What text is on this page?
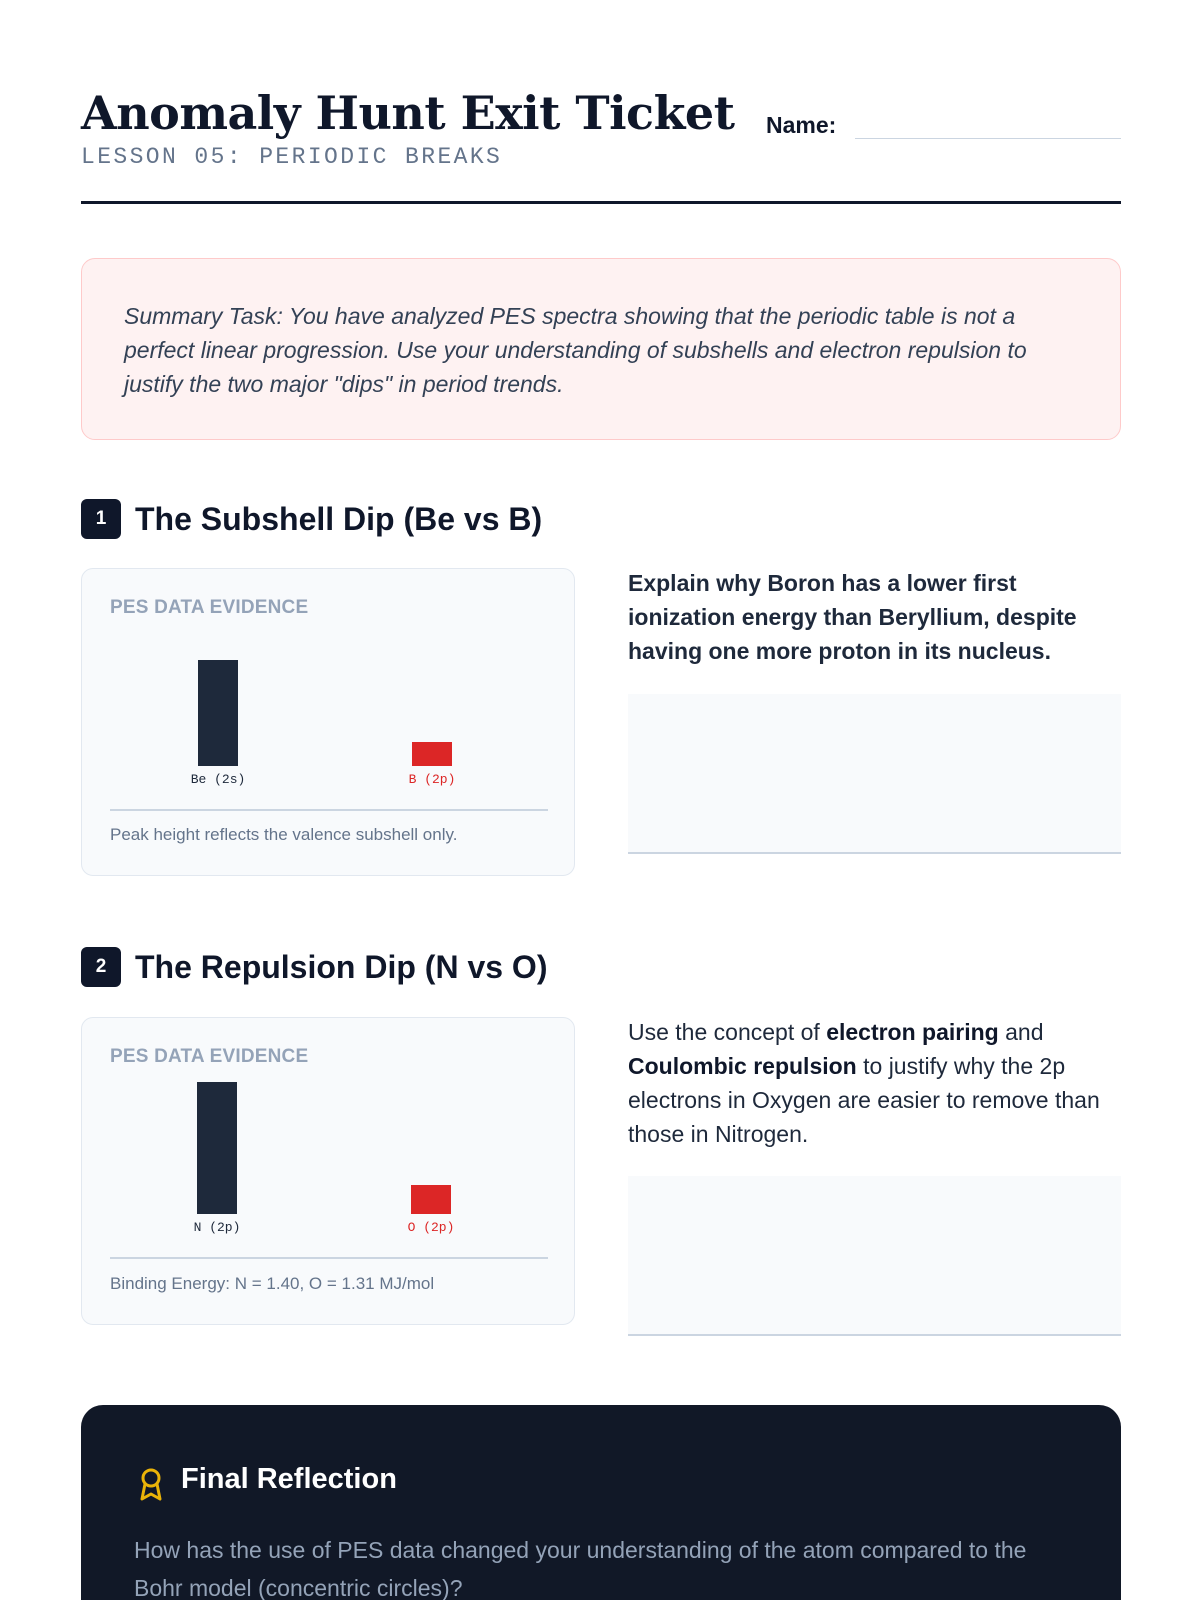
Anomaly Hunt Exit Ticket
LESSON 05: PERIODIC BREAKS
Name:

Summary Task: You have analyzed PES spectra showing that the periodic table is not a perfect linear progression. Use your understanding of subshells and electron repulsion to justify the two major "dips" in period trends.

1 The Subshell Dip (Be vs B)
PES DATA EVIDENCE
Be (2s)	B (2p)
Peak height reflects the valence subshell only.
Explain why Boron has a lower first ionization energy than Beryllium, despite having one more proton in its nucleus.
2 The Repulsion Dip (N vs O)
PES DATA EVIDENCE
N (2p)	O (2p)
Binding Energy: N = 1.40, O = 1.31 MJ/mol
Use the concept of electron pairing and Coulombic repulsion to justify why the 2p electrons in Oxygen are easier to remove than those in Nitrogen.
Final Reflection

How has the use of PES data changed your understanding of the atom compared to the Bohr model (concentric circles)?
